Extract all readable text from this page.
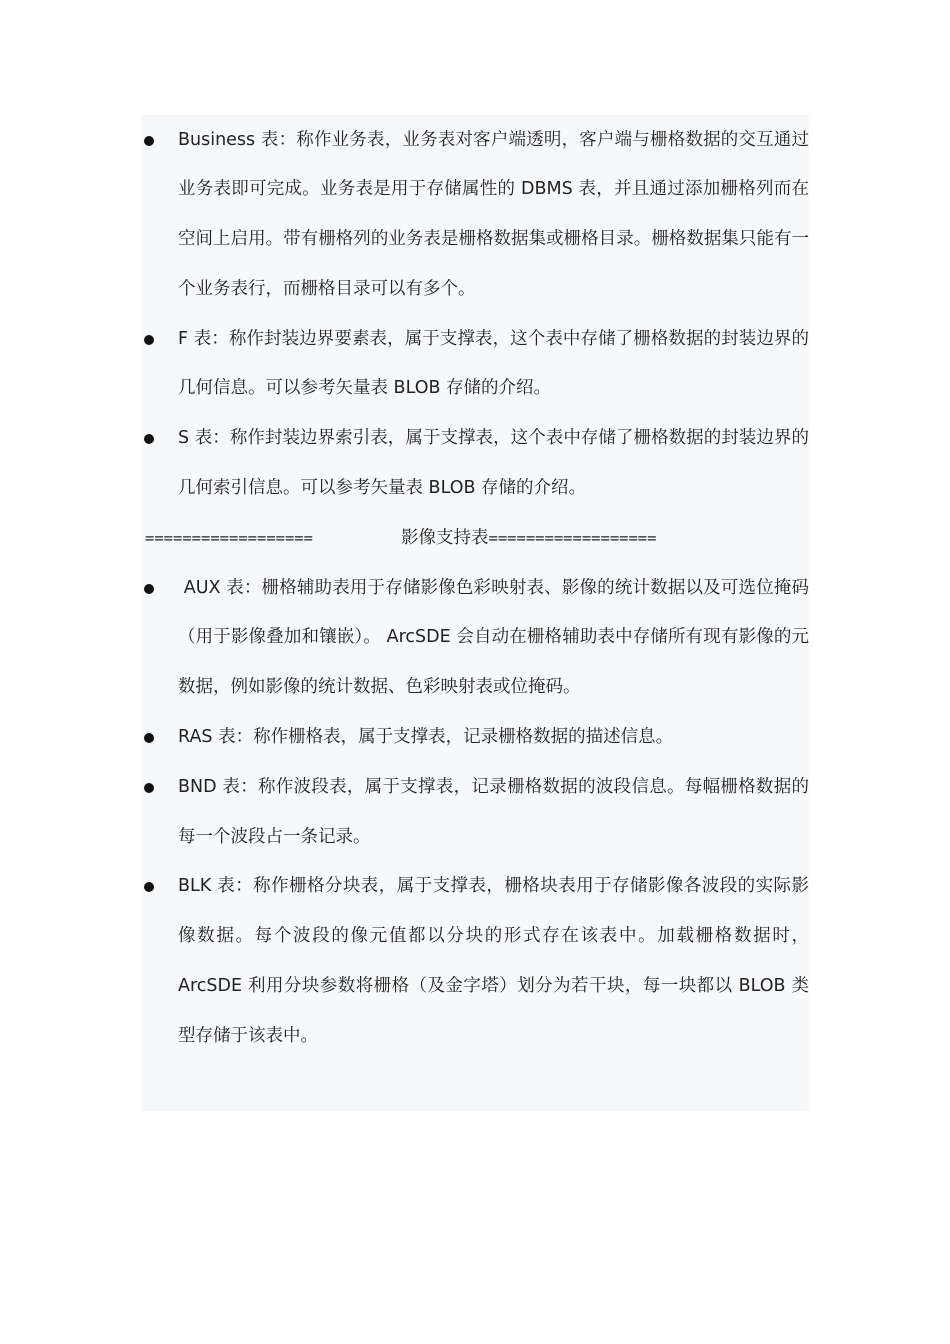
Business 表：称作业务表，业务表对客户端透明，客户端与栅格数据的交互通过业务表即可完成。业务表是用于存储属性的 DBMS 表，并且通过添加栅格列而在空间上启用。带有栅格列的业务表是栅格数据集或栅格目录。栅格数据集只能有一个业务表行，而栅格目录可以有多个。
F 表：称作封装边界要素表，属于支撑表，这个表中存储了栅格数据的封装边界的几何信息。可以参考矢量表 BLOB 存储的介绍。
S 表：称作封装边界索引表，属于支撑表，这个表中存储了栅格数据的封装边界的几何索引信息。可以参考矢量表 BLOB 存储的介绍。
==================	影像支持表==================
AUX 表：栅格辅助表用于存储影像色彩映射表、影像的统计数据以及可选位掩码（用于影像叠加和镶嵌）。 ArcSDE 会自动在栅格辅助表中存储所有现有影像的元数据，例如影像的统计数据、色彩映射表或位掩码。
RAS 表：称作栅格表，属于支撑表，记录栅格数据的描述信息。
BND 表：称作波段表，属于支撑表，记录栅格数据的波段信息。每幅栅格数据的每一个波段占一条记录。
BLK 表：称作栅格分块表，属于支撑表，栅格块表用于存储影像各波段的实际影像数据。每个波段的像元值都以分块的形式存在该表中。加载栅格数据时，ArcSDE 利用分块参数将栅格（及金字塔）划分为若干块，每一块都以 BLOB 类型存储于该表中。
